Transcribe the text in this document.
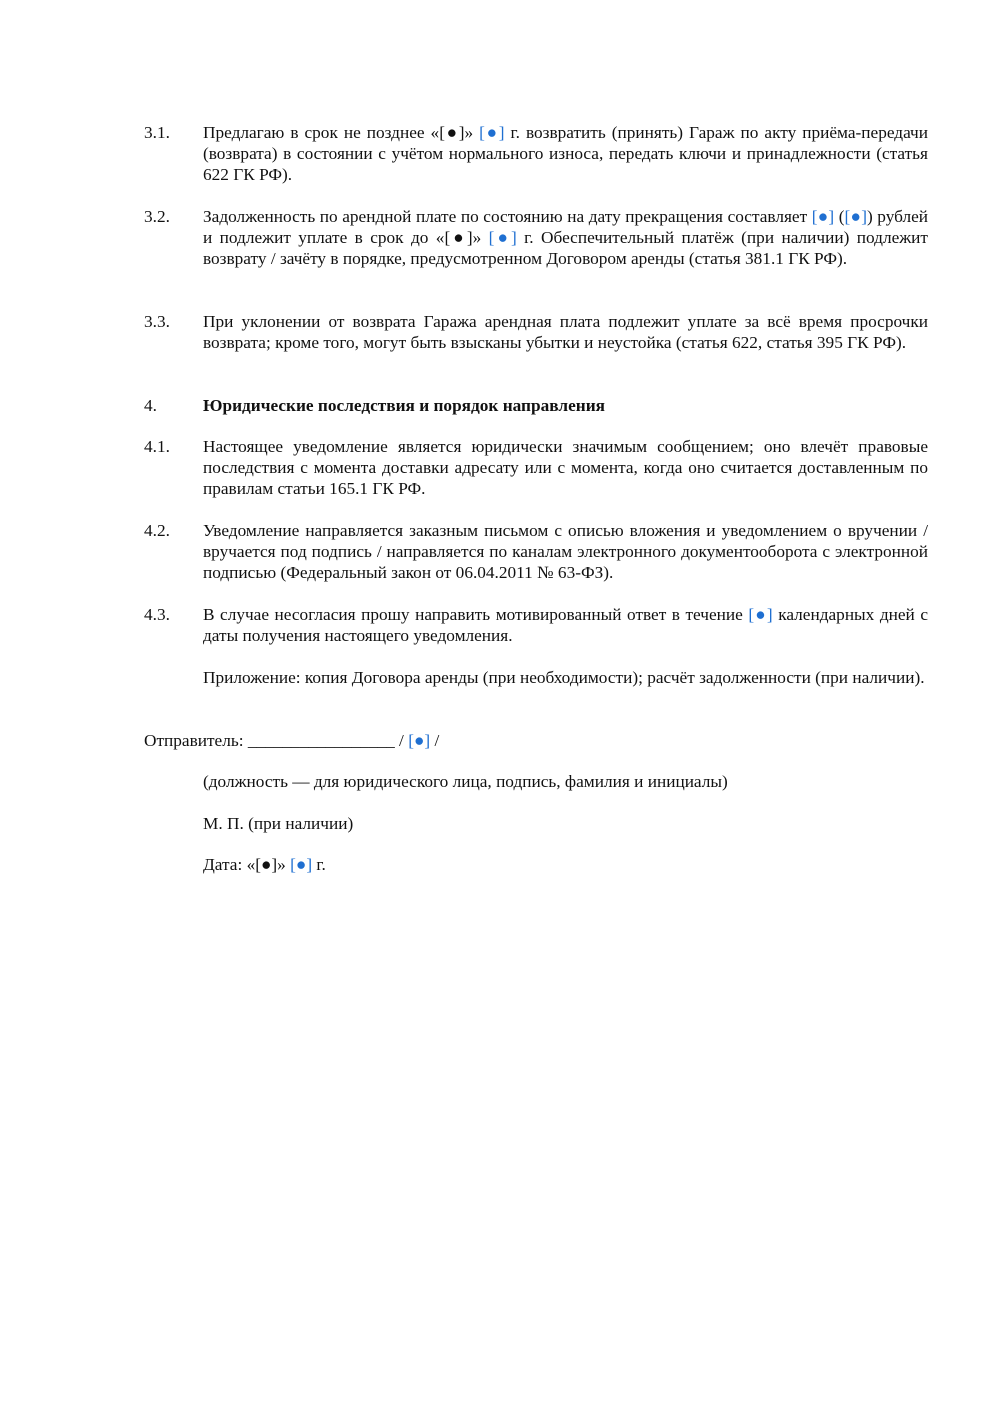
3.1. Предлагаю в срок не позднее «[●]» [●] г. возвратить (принять) Гараж по акту приёма-передачи (возврата) в состоянии с учётом нормального износа, передать ключи и принадлежности (статья 622 ГК РФ).
3.2. Задолженность по арендной плате по состоянию на дату прекращения составляет [●] ([●]) рублей и подлежит уплате в срок до «[●]» [●] г. Обеспечительный платёж (при наличии) подлежит возврату / зачёту в порядке, предусмотренном Договором аренды (статья 381.1 ГК РФ).
3.3. При уклонении от возврата Гаража арендная плата подлежит уплате за всё время просрочки возврата; кроме того, могут быть взысканы убытки и неустойка (статья 622, статья 395 ГК РФ).
4.	Юридические последствия и порядок направления
4.1. Настоящее уведомление является юридически значимым сообщением; оно влечёт правовые последствия с момента доставки адресату или с момента, когда оно считается доставленным по правилам статьи 165.1 ГК РФ.
4.2. Уведомление направляется заказным письмом с описью вложения и уведомлением о вручении / вручается под подпись / направляется по каналам электронного документооборота с электронной подписью (Федеральный закон от 06.04.2011 № 63-ФЗ).
4.3. В случае несогласия прошу направить мотивированный ответ в течение [●] календарных дней с даты получения настоящего уведомления.
Приложение: копия Договора аренды (при необходимости); расчёт задолженности (при наличии).
Отправитель: _________________ / [●] /
(должность — для юридического лица, подпись, фамилия и инициалы)
М. П. (при наличии)
Дата: «[●]» [●] г.
